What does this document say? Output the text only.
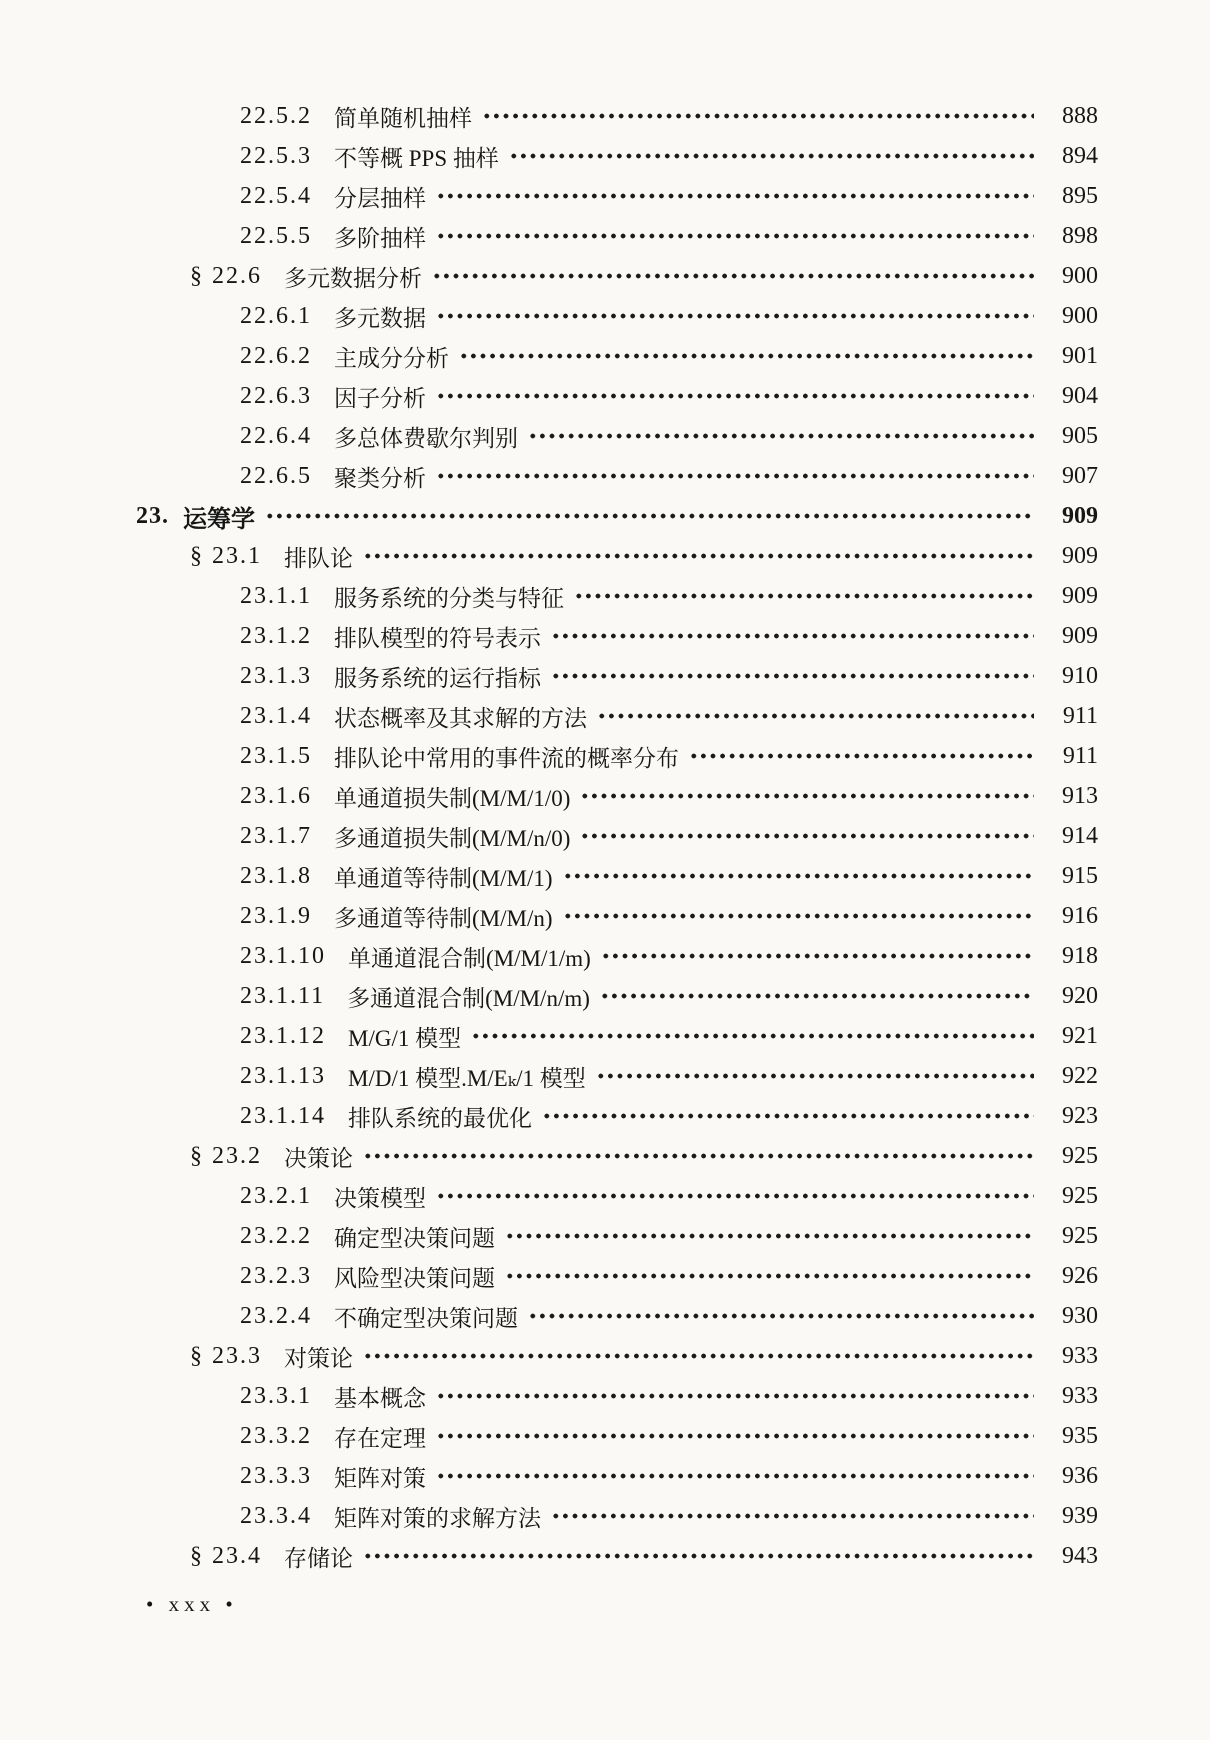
22.5.2 简单随机抽样	888
22.5.3 不等概 PPS 抽样	894
22.5.4 分层抽样	895
22.5.5 多阶抽样	898
§ 22.6 多元数据分析	900
22.6.1 多元数据	900
22.6.2 主成分分析	901
22.6.3 因子分析	904
22.6.4 多总体费歇尔判别	905
22.6.5 聚类分析	907
23. 运筹学	909
§ 23.1 排队论	909
23.1.1 服务系统的分类与特征	909
23.1.2 排队模型的符号表示	909
23.1.3 服务系统的运行指标	910
23.1.4 状态概率及其求解的方法	911
23.1.5 排队论中常用的事件流的概率分布	911
23.1.6 单通道损失制(M/M/1/0)	913
23.1.7 多通道损失制(M/M/n/0)	914
23.1.8 单通道等待制(M/M/1)	915
23.1.9 多通道等待制(M/M/n)	916
23.1.10 单通道混合制(M/M/1/m)	918
23.1.11 多通道混合制(M/M/n/m)	920
23.1.12 M/G/1 模型	921
23.1.13 M/D/1 模型.M/Eₖ/1 模型	922
23.1.14 排队系统的最优化	923
§ 23.2 决策论	925
23.2.1 决策模型	925
23.2.2 确定型决策问题	925
23.2.3 风险型决策问题	926
23.2.4 不确定型决策问题	930
§ 23.3 对策论	933
23.3.1 基本概念	933
23.3.2 存在定理	935
23.3.3 矩阵对策	936
23.3.4 矩阵对策的求解方法	939
§ 23.4 存储论	943
• xxx •
